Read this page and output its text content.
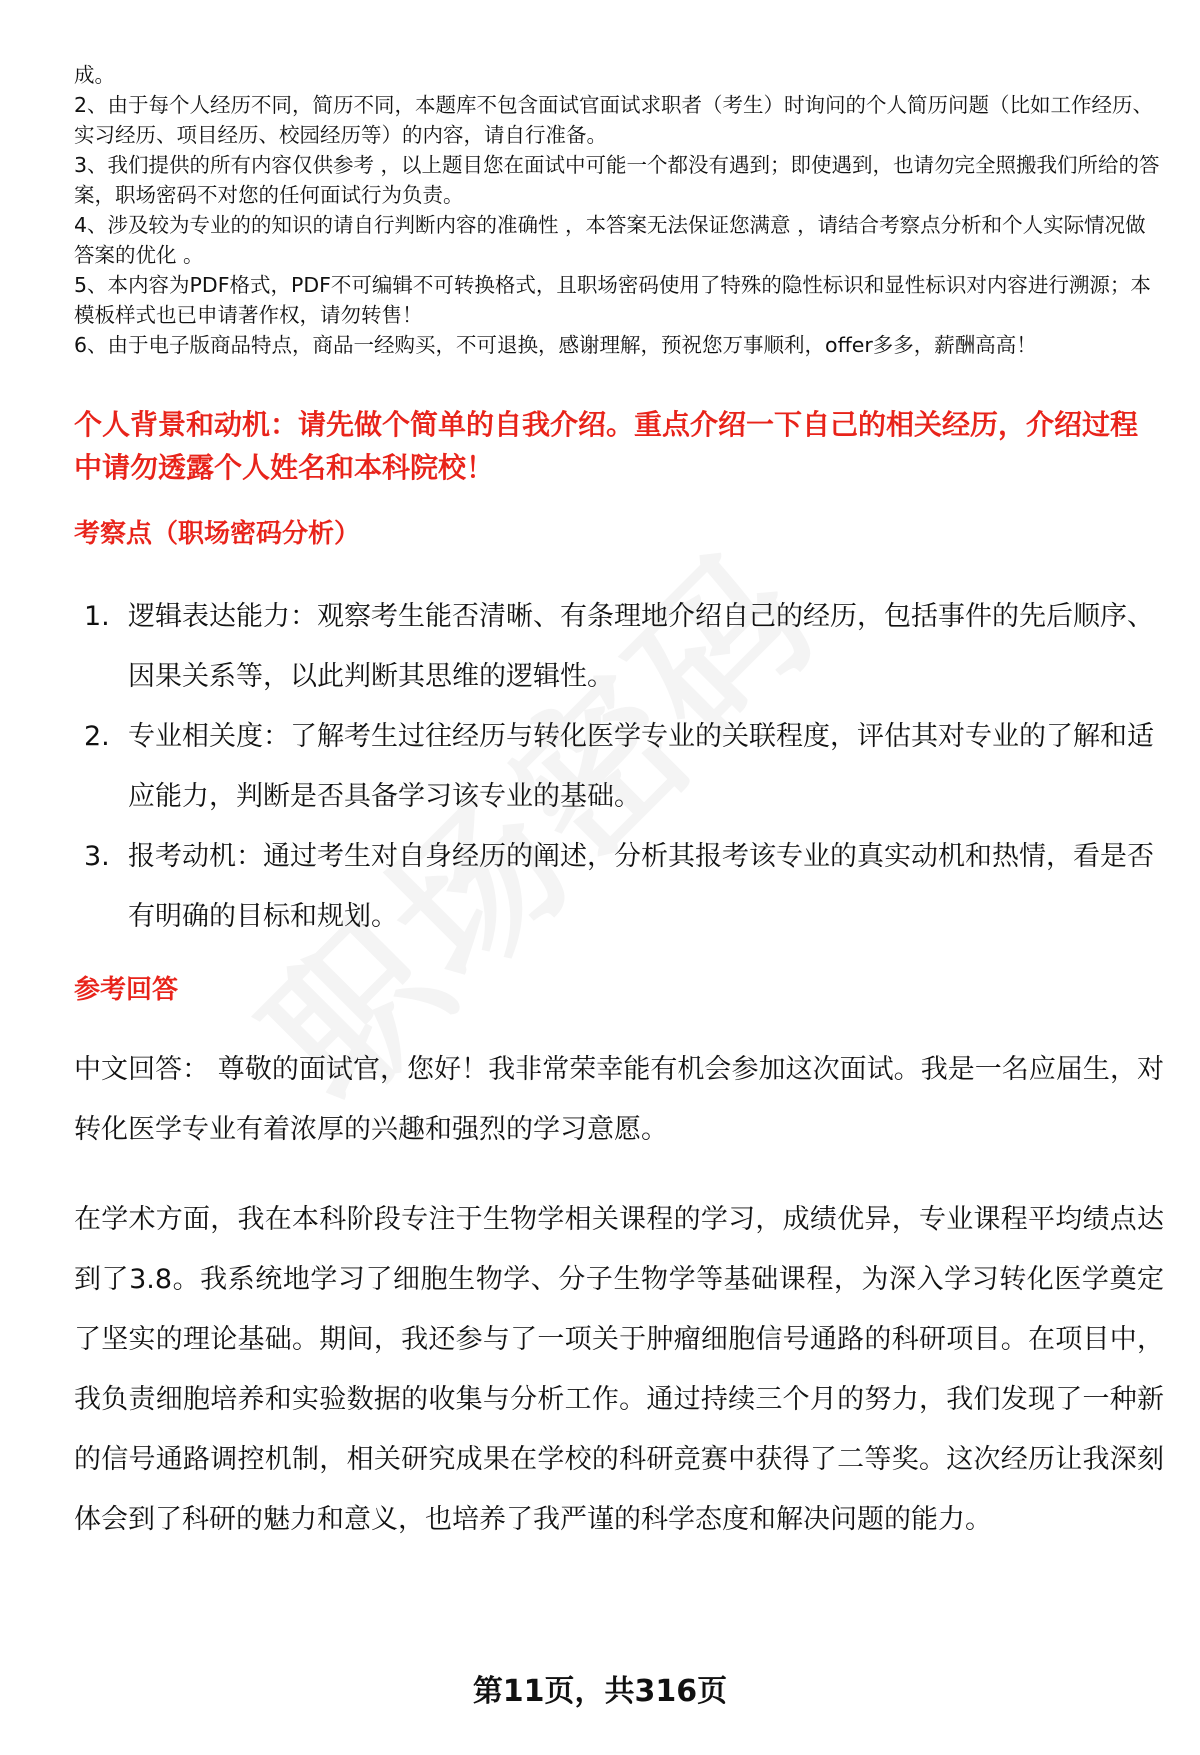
成。

2、由于每个人经历不同，简历不同，本题库不包含面试官面试求职者（考生）时询问的个人简历问题（比如工作经历、实习经历、项目经历、校园经历等）的内容，请自行准备。

3、我们提供的所有内容仅供参考 ，以上题目您在面试中可能一个都没有遇到；即使遇到，也请勿完全照搬我们所给的答案，职场密码不对您的任何面试行为负责。

4、涉及较为专业的的知识的请自行判断内容的准确性 ，本答案无法保证您满意 ，请结合考察点分析和个人实际情况做答案的优化 。

5、本内容为PDF格式，PDF不可编辑不可转换格式，且职场密码使用了特殊的隐性标识和显性标识对内容进行溯源；本模板样式也已申请著作权，请勿转售！

6、由于电子版商品特点，商品一经购买，不可退换，感谢理解，预祝您万事顺利，offer多多，薪酬高高！

个人背景和动机：请先做个简单的自我介绍。重点介绍一下自己的相关经历，介绍过程中请勿透露个人姓名和本科院校！
考察点（职场密码分析）
1. 逻辑表达能力：观察考生能否清晰、有条理地介绍自己的经历，包括事件的先后顺序、因果关系等，以此判断其思维的逻辑性。
2. 专业相关度：了解考生过往经历与转化医学专业的关联程度，评估其对专业的了解和适应能力，判断是否具备学习该专业的基础。
3. 报考动机：通过考生对自身经历的阐述，分析其报考该专业的真实动机和热情，看是否有明确的目标和规划。
参考回答

中文回答： 尊敬的面试官，您好！我非常荣幸能有机会参加这次面试。我是一名应届生，对转化医学专业有着浓厚的兴趣和强烈的学习意愿。

在学术方面，我在本科阶段专注于生物学相关课程的学习，成绩优异，专业课程平均绩点达到了3.8。我系统地学习了细胞生物学、分子生物学等基础课程，为深入学习转化医学奠定了坚实的理论基础。期间，我还参与了一项关于肿瘤细胞信号通路的科研项目。在项目中，我负责细胞培养和实验数据的收集与分析工作。通过持续三个月的努力，我们发现了一种新的信号通路调控机制，相关研究成果在学校的科研竞赛中获得了二等奖。这次经历让我深刻体会到了科研的魅力和意义，也培养了我严谨的科学态度和解决问题的能力。

第11页，共316页
